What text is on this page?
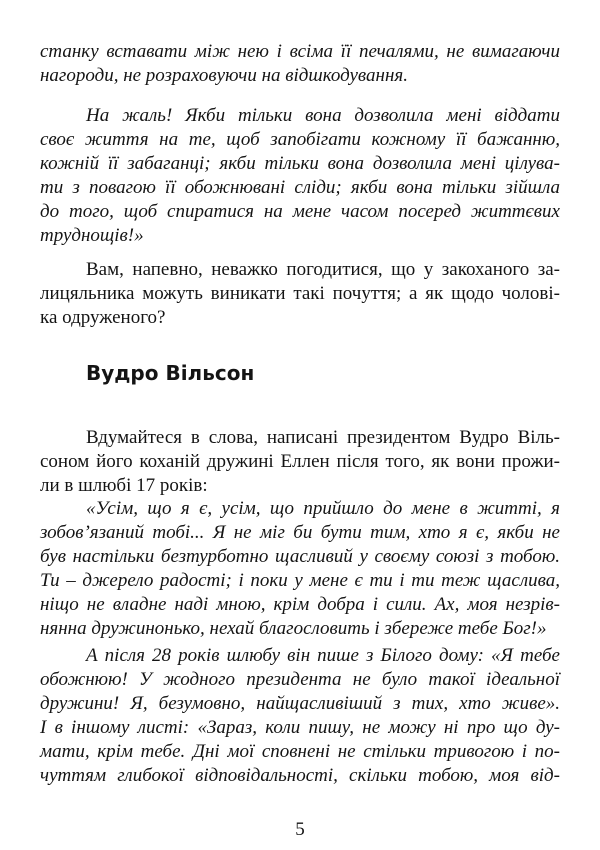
станку вставати між нею і всіма її печалями, не вимагаючи
нагороди, не розраховуючи на відшкодування.
На жаль! Якби тільки вона дозволила мені віддати
своє життя на те, щоб запобігати кожному її бажанню,
кожній її забаганці; якби тільки вона дозволила мені цілува-
ти з повагою її обожнювані сліди; якби вона тільки зійшла
до того, щоб спиратися на мене часом посеред життєвих
труднощів!»
Вам, напевно, неважко погодитися, що у закоханого за-
лицяльника можуть виникати такі почуття; а як щодо чолові-
ка одруженого?
Вудро Вільсон
Вдумайтеся в слова, написані президентом Вудро Віль-
соном його коханій дружині Еллен після того, як вони прожи-
ли в шлюбі 17 років:
«Усім, що я є, усім, що прийшло до мене в житті, я
зобов’язаний тобі... Я не міг би бути тим, хто я є, якби не
був настільки безтурботно щасливий у своєму союзі з тобою.
Ти – джерело радості; і поки у мене є ти і ти теж щаслива,
ніщо не владне наді мною, крім добра і сили. Ах, моя незрів-
нянна дружинонько, нехай благословить і збереже тебе Бог!»
А після 28 років шлюбу він пише з Білого дому: «Я тебе
обожнюю! У жодного президента не було такої ідеальної
дружини! Я, безумовно, найщасливіший з тих, хто живе».
І в іншому листі: «Зараз, коли пишу, не можу ні про що ду-
мати, крім тебе. Дні мої сповнені не стільки тривогою і по-
чуттям глибокої відповідальності, скільки тобою, моя від-
5
